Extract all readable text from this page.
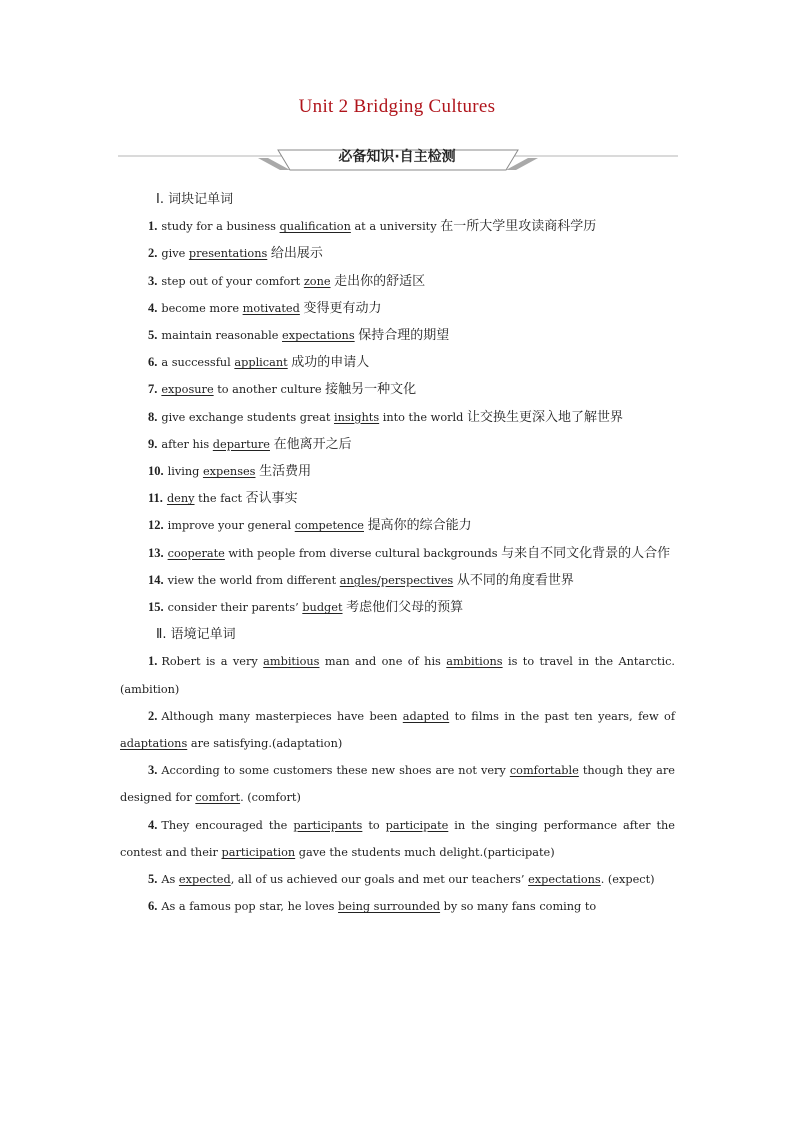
Unit 2 Bridging Cultures
必备知识·自主检测

Ⅰ. 词块记单词

1. study for a business qualification at a university 在一所大学里攻读商科学历

2. give presentations 给出展示

3. step out of your comfort zone 走出你的舒适区

4. become more motivated 变得更有动力

5. maintain reasonable expectations 保持合理的期望

6. a successful applicant 成功的申请人

7. exposure to another culture 接触另一种文化

8. give exchange students great insights into the world 让交换生更深入地了解世界

9. after his departure 在他离开之后

10. living expenses 生活费用

11. deny the fact 否认事实

12. improve your general competence 提高你的综合能力

13. cooperate with people from diverse cultural backgrounds 与来自不同文化背景的人合作

14. view the world from different angles/perspectives 从不同的角度看世界

15. consider their parents’ budget 考虑他们父母的预算

Ⅱ. 语境记单词

1. Robert is a very ambitious man and one of his ambitions is to travel in the Antarctic.(ambition)

2. Although many masterpieces have been adapted to films in the past ten years, few of adaptations are satisfying.(adaptation)

3. According to some customers these new shoes are not very comfortable though they are designed for comfort. (comfort)

4. They encouraged the participants to participate in the singing performance after the contest and their participation gave the students much delight.(participate)

5. As expected, all of us achieved our goals and met our teachers’ expectations. (expect)

6. As a famous pop star, he loves being surrounded by so many fans coming to
